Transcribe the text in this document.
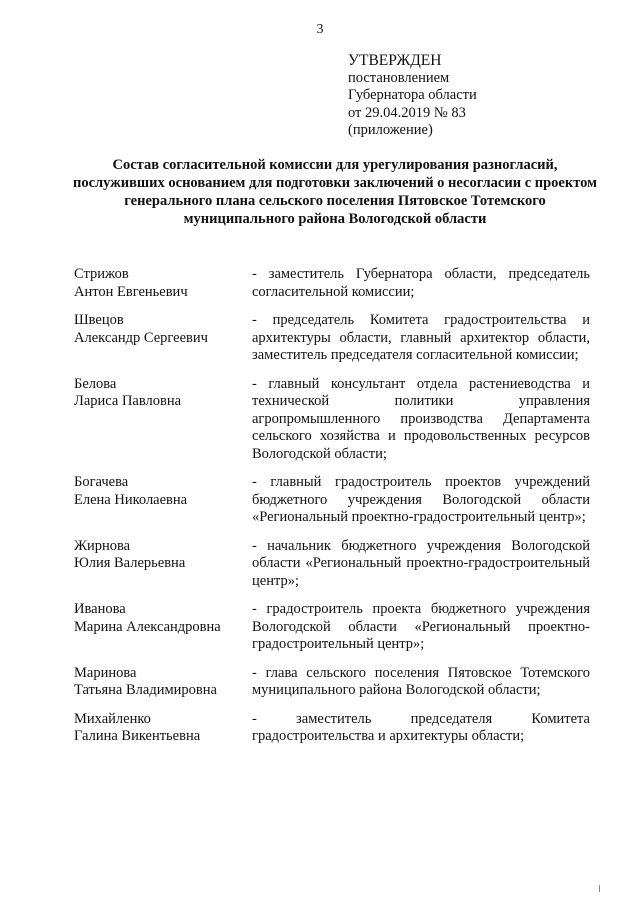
3
УТВЕРЖДЕН
постановлением
Губернатора области
от 29.04.2019 № 83
(приложение)
Состав согласительной комиссии для урегулирования разногласий, послуживших основанием для подготовки заключений о несогласии с проектом генерального плана сельского поселения Пятовское Тотемского муниципального района Вологодской области
Стрижов
Антон Евгеньевич
- заместитель Губернатора области, председатель согласительной комиссии;
Швецов
Александр Сергеевич
- председатель Комитета градостроительства и архитектуры области, главный архитектор области, заместитель председателя согласительной комиссии;
Белова
Лариса Павловна
- главный консультант отдела растениеводства и технической политики управления агропромышленного производства Департамента сельского хозяйства и продовольственных ресурсов Вологодской области;
Богачева
Елена Николаевна
- главный градостроитель проектов учреждений бюджетного учреждения Вологодской области «Региональный проектно-градостроительный центр»;
Жирнова
Юлия Валерьевна
- начальник бюджетного учреждения Вологодской области «Региональный проектно-градостроительный центр»;
Иванова
Марина Александровна
- градостроитель проекта бюджетного учреждения Вологодской области «Региональный проектно-градостроительный центр»;
Маринова
Татьяна Владимировна
- глава сельского поселения Пятовское Тотемского муниципального района Вологодской области;
Михайленко
Галина Викентьевна
- заместитель председателя Комитета градостроительства и архитектуры области;
